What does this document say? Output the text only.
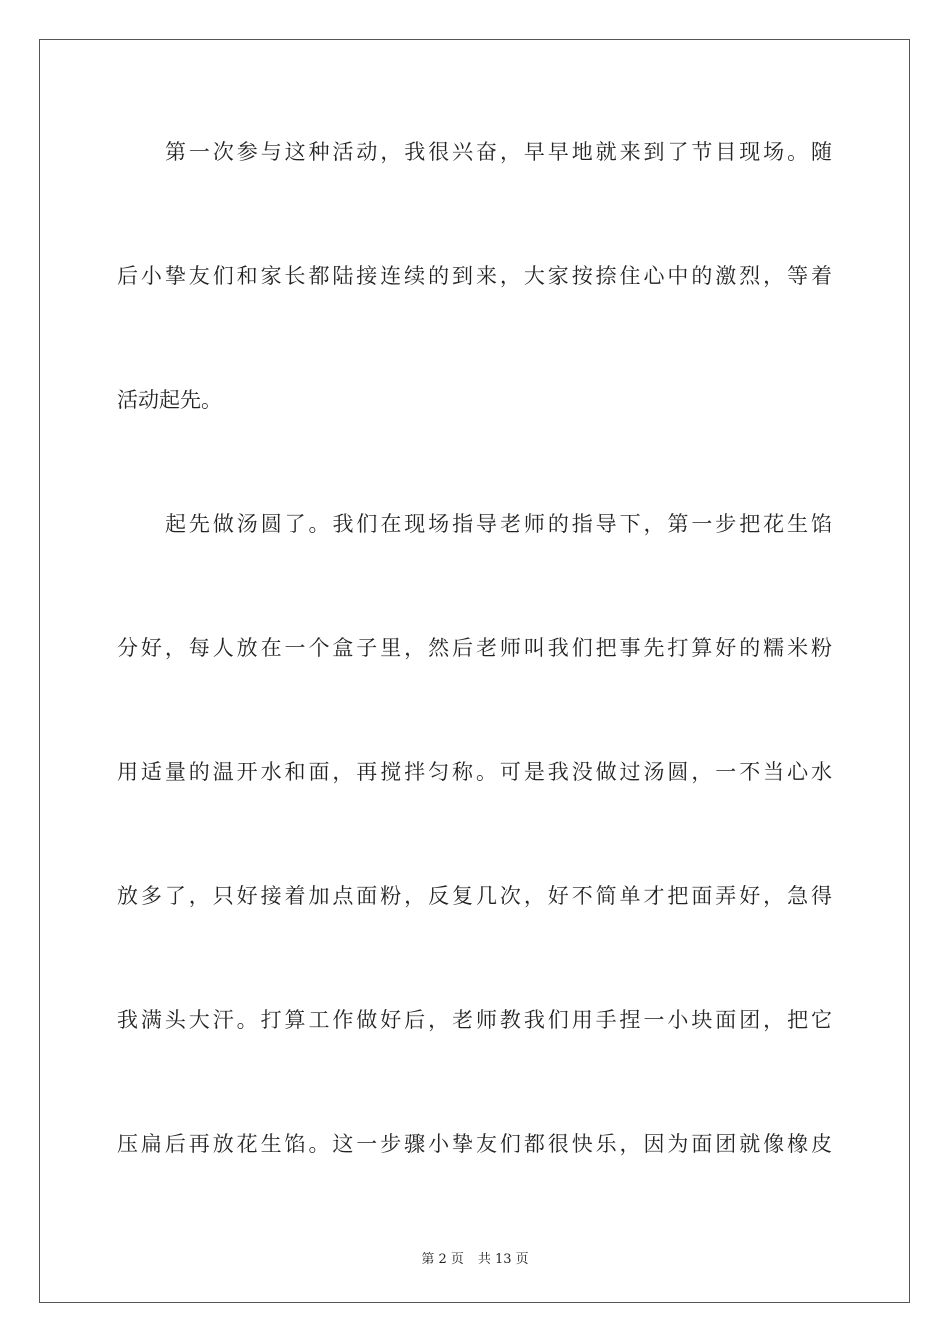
第一次参与这种活动，我很兴奋，早早地就来到了节目现场。随
后小挚友们和家长都陆接连续的到来，大家按捺住心中的激烈，等着
活动起先。
起先做汤圆了。我们在现场指导老师的指导下，第一步把花生馅
分好，每人放在一个盒子里，然后老师叫我们把事先打算好的糯米粉
用适量的温开水和面，再搅拌匀称。可是我没做过汤圆，一不当心水
放多了，只好接着加点面粉，反复几次，好不简单才把面弄好，急得
我满头大汗。打算工作做好后，老师教我们用手捏一小块面团，把它
压扁后再放花生馅。这一步骤小挚友们都很快乐，因为面团就像橡皮
第 2 页 共 13 页
